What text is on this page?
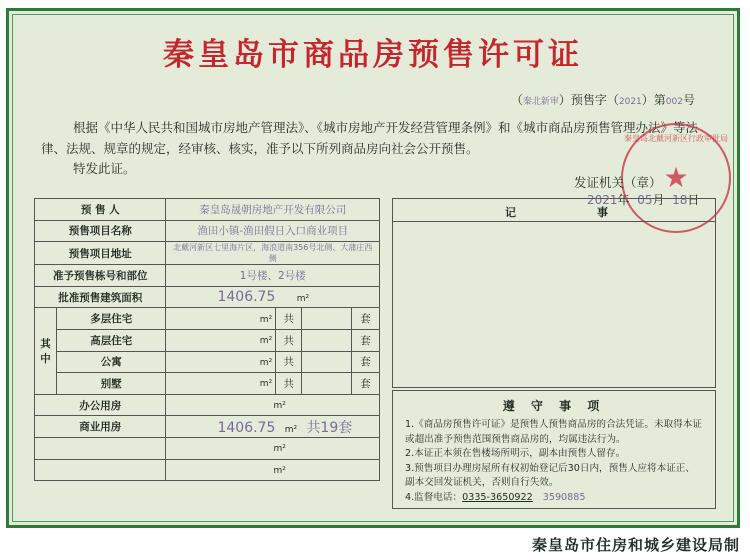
秦皇岛市商品房预售许可证
（秦北新审）预售字（2021）第002号
根据《中华人民共和国城市房地产管理法》、《城市房地产开发经营管理条例》和《城市商品房预售管理办法》等法律、法规、规章的规定，经审核、核实，准予以下所列商品房向社会公开预售。
特发此证。
秦皇岛北戴河新区行政审批局
★
发证机关（章）
2021年 05月 18日
预 售 人		秦皇岛晟朝房地产开发有限公司			
预售项目名称		渔田小镇-渔田假日入口商业项目			
预售项目地址		北戴河新区七里海片区，海浪道南356号北侧、大蒲庄西侧			
准予预售栋号和部位		1号楼、2号楼			
批准预售建筑面积		1406.75 m²			
其中	多层住宅	m²	共		套
	高层住宅	m²	共		套
	公寓	m²	共		套
	别墅	m²	共		套
办公用房		m²			
商业用房		1406.75 m² 共19套			
		m²			
		m²			
记	事
遵 守 事 项
1.《商品房预售许可证》是预售人预售商品房的合法凭证。未取得本证或超出准予预售范围预售商品房的，均属违法行为。
2.本证正本须在售楼场所明示，副本由预售人留存。
3.预售项目办理房屋所有权初始登记后30日内，预售人应将本证正、副本交回发证机关，否则自行失效。
4.监督电话：0335-3650922 3590885
秦皇岛市住房和城乡建设局制
